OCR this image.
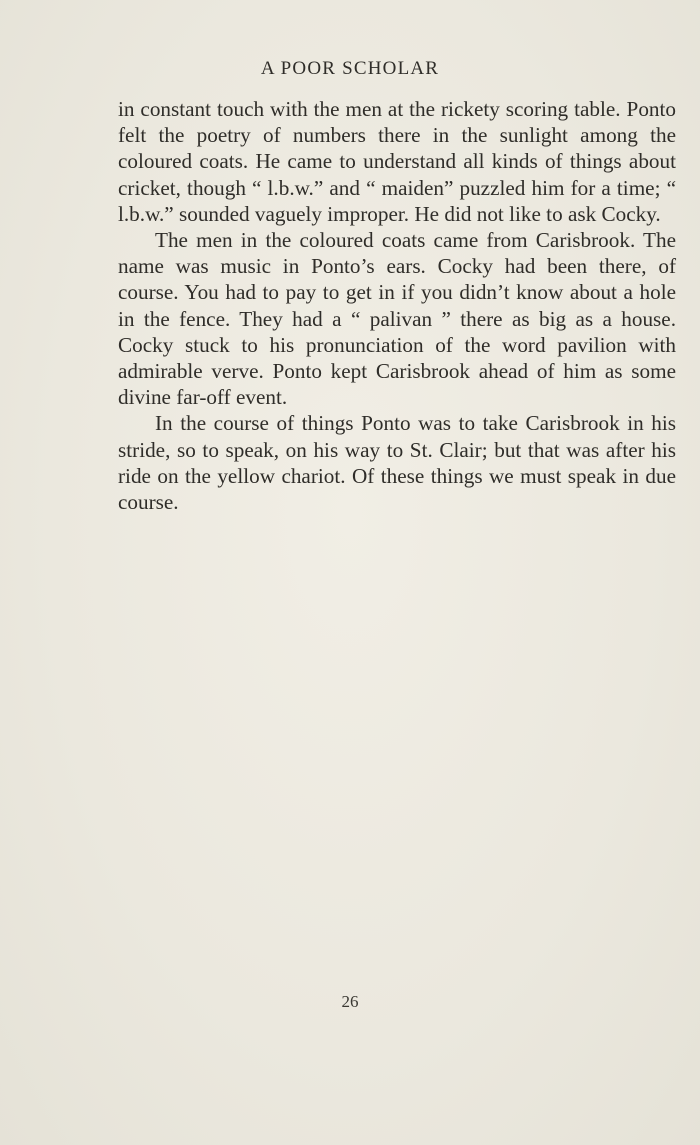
A POOR SCHOLAR

in constant touch with the men at the rickety scoring table. Ponto felt the poetry of numbers there in the sunlight among the coloured coats. He came to understand all kinds of things about cricket, though “ l.b.w.” and “ maiden” puzzled him for a time; “ l.b.w.” sounded vaguely improper. He did not like to ask Cocky.

The men in the coloured coats came from Carisbrook. The name was music in Ponto’s ears. Cocky had been there, of course. You had to pay to get in if you didn’t know about a hole in the fence. They had a “ palivan ” there as big as a house. Cocky stuck to his pronunciation of the word pavilion with admirable verve. Ponto kept Carisbrook ahead of him as some divine far-off event.

In the course of things Ponto was to take Carisbrook in his stride, so to speak, on his way to St. Clair; but that was after his ride on the yellow chariot. Of these things we must speak in due course.

26
